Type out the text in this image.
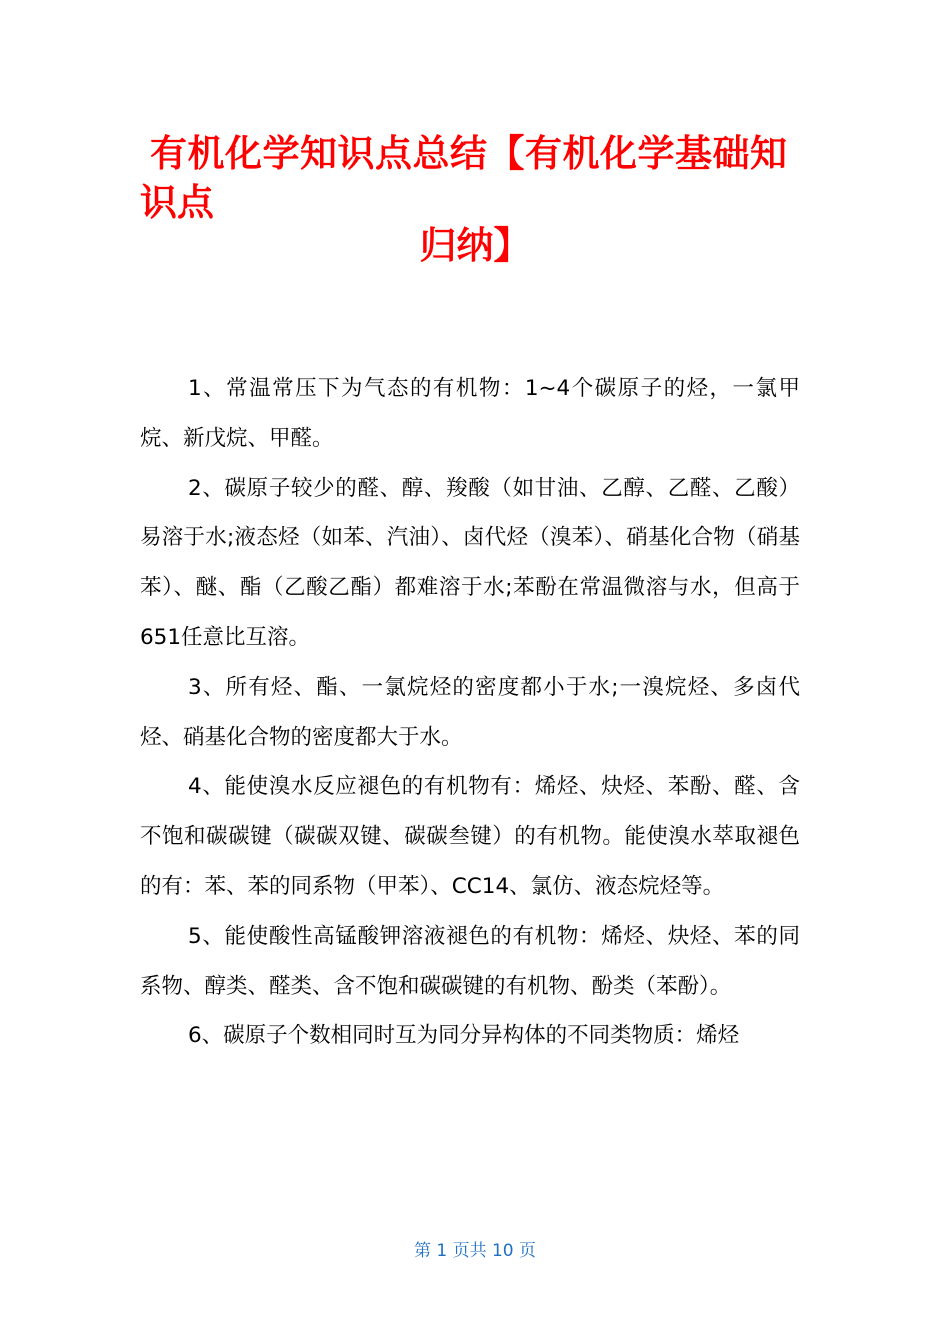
有机化学知识点总结【有机化学基础知
识点
归纳】

1、常温常压下为气态的有机物：1~4个碳原子的烃，一氯甲烷、新戊烷、甲醛。

2、碳原子较少的醛、醇、羧酸（如甘油、乙醇、乙醛、乙酸）易溶于水;液态烃（如苯、汽油）、卤代烃（溴苯）、硝基化合物（硝基苯）、醚、酯（乙酸乙酯）都难溶于水;苯酚在常温微溶与水，但高于651任意比互溶。

3、所有烃、酯、一氯烷烃的密度都小于水;一溴烷烃、多卤代烃、硝基化合物的密度都大于水。

4、能使溴水反应褪色的有机物有：烯烃、炔烃、苯酚、醛、含不饱和碳碳键（碳碳双键、碳碳叁键）的有机物。能使溴水萃取褪色的有：苯、苯的同系物（甲苯）、CC14、氯仿、液态烷烃等。

5、能使酸性高锰酸钾溶液褪色的有机物：烯烃、炔烃、苯的同系物、醇类、醛类、含不饱和碳碳键的有机物、酚类（苯酚）。

6、碳原子个数相同时互为同分异构体的不同类物质：烯烃

第 1 页共 10 页
